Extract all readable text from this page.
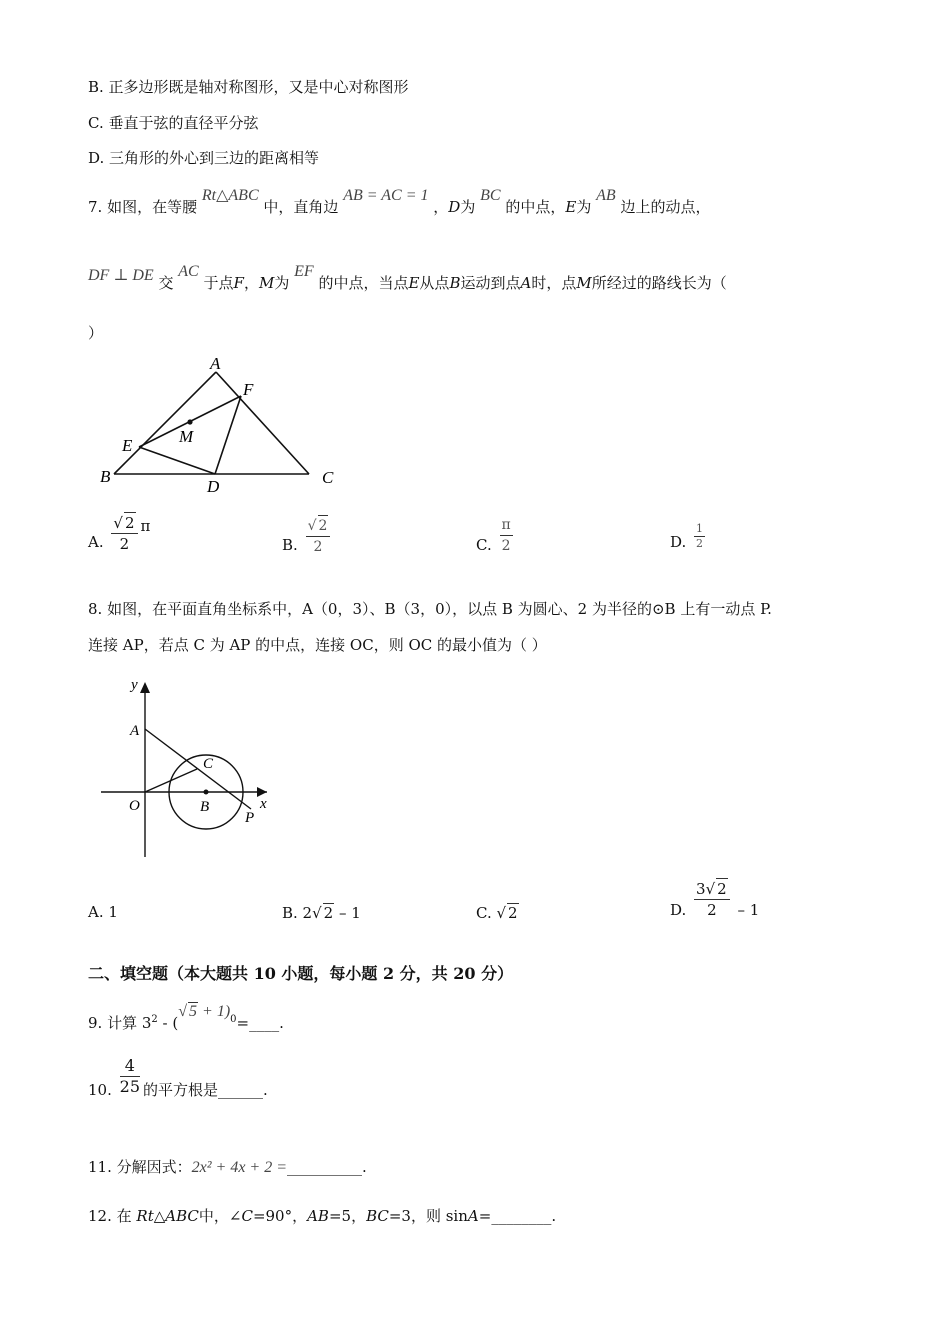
B. 正多边形既是轴对称图形，又是中心对称图形
C. 垂直于弦的直径平分弦
D. 三角形的外心到三边的距离相等
7. 如图，在等腰 Rt△ABC 中，直角边 AB = AC = 1 ，D为 BC 的中点，E为 AB 边上的动点，
DF ⊥ DE 交 AC 于点F，M为 EF 的中点，当点E从点B运动到点A时，点M所经过的路线长为（
）
A
F
M
E
B
D	C
A. $\frac{√ 2}{2}$ π
B. $\frac{√ 2}{2}$	C. $\frac{\pi}{2}$	D. $\frac{1}{2}$
8. 如图，在平面直角坐标系中，A（0，3）、B（3，0），以点 B 为圆心、2 为半径的⊙B 上有一动点 P.
连接 AP，若点 C 为 AP 的中点，连接 OC，则 OC 的最小值为（ ）
y
x
A
C
O	B
P
A. 1	B. 2√ 2 – 1	C. √ 2	D. $\frac{3√ 2}{2} - 1$
二、填空题（本大题共 10 小题，每小题 2 分，共 20 分）
9. 计算 $3^2$ - (√ 5 + 1)$^0$=____.
10. $\frac{4}{25}$ 的平方根是______.
11. 分解因式：2x² + 4x + 2 =__________.
12. 在 Rt△ABC中，∠C=90°，AB=5，BC=3，则 sinA=________.
